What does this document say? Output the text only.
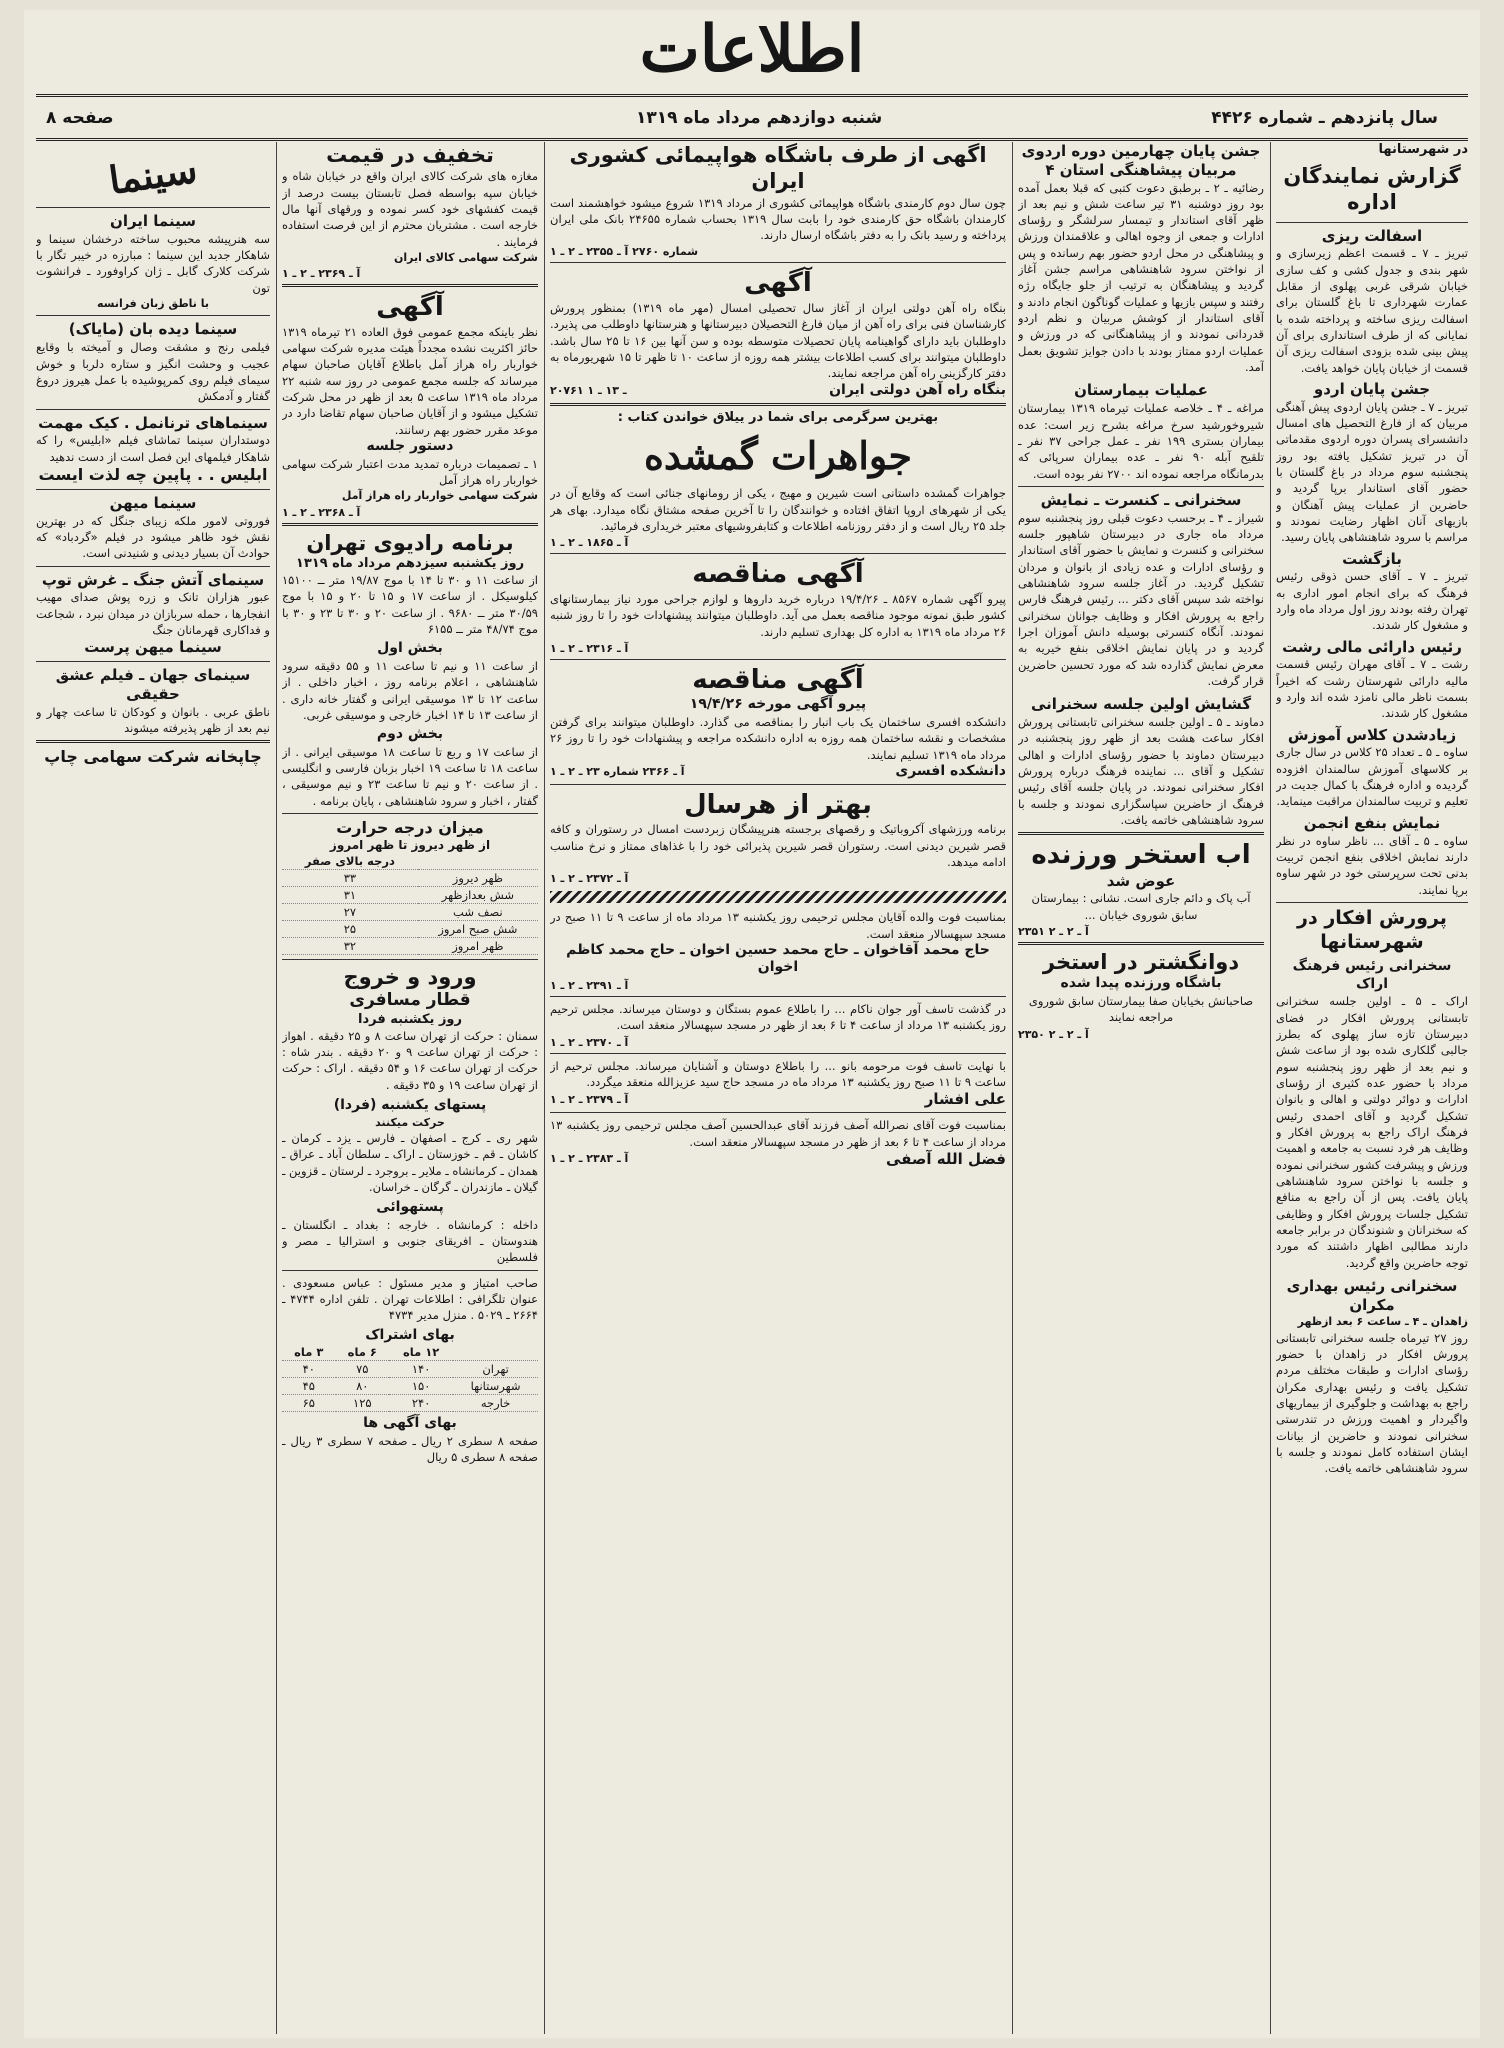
اطلاعات
صفحه ۸	شنبه دوازدهم مرداد ماه ۱۳۱۹	سال پانزدهم ـ شماره ۴۴۲۶
در شهرستانها
گزارش نمایندگان اداره
اسفالت ریزی
تبریز ـ ۷ ـ قسمت اعظم زیرسازی و شهر بندی و جدول کشی و کف سازی خیابان شرقی غربی پهلوی از مقابل عمارت شهرداری تا باغ گلستان برای اسفالت ریزی ساخته و پرداخته شده با نمایانی که از طرف استانداری برای آن پیش بینی شده بزودی اسفالت ریزی آن قسمت از خیابان پایان خواهد یافت.
جشن پایان اردو
تبریز ـ ۷ ـ جشن پایان اردوی پیش آهنگی مربیان که از فارغ التحصیل های امسال دانشسرای پسران دوره اردوی مقدماتی آن در تبریز تشکیل یافته بود روز پنجشنبه سوم مرداد در باغ گلستان با حضور آقای استاندار برپا گردید و حاضرین از عملیات پیش آهنگان و بازیهای آنان اظهار رضایت نمودند و مراسم با سرود شاهنشاهی پایان رسید.
بازگشت
تبریز ـ ۷ ـ آقای حسن ذوقی رئیس فرهنگ که برای انجام امور اداری به تهران رفته بودند روز اول مرداد ماه وارد و مشغول کار شدند.
رئیس دارائی مالی رشت
رشت ـ ۷ ـ آقای مهران رئیس قسمت مالیه دارائی شهرستان رشت که اخیراً بسمت ناظر مالی نامزد شده اند وارد و مشغول کار شدند.
زیادشدن کلاس آموزش
ساوه ـ ۵ ـ تعداد ۲۵ کلاس در سال جاری بر کلاسهای آموزش سالمندان افزوده گردیده و اداره فرهنگ با کمال جدیت در تعلیم و تربیت سالمندان مراقبت مینماید.
نمایش بنفع انجمن
ساوه ـ ۵ ـ آقای ... ناظر ساوه در نظر دارند نمایش اخلاقی بنفع انجمن تربیت بدنی تحت سرپرستی خود در شهر ساوه برپا نمایند.
پرورش افکار در شهرستانها
سخنرانی رئیس فرهنگ اراک
اراک ـ ۵ ـ اولین جلسه سخنرانی تابستانی پرورش افکار در فضای دبیرستان تازه ساز پهلوی که بطرز جالبی گلکاری شده بود از ساعت شش و نیم بعد از ظهر روز پنجشنبه سوم مرداد با حضور عده کثیری از رؤسای ادارات و دوائر دولتی و اهالی و بانوان تشکیل گردید و آقای احمدی رئیس فرهنگ اراک راجع به پرورش افکار و وظایف هر فرد نسبت به جامعه و اهمیت ورزش و پیشرفت کشور سخنرانی نموده و جلسه با نواختن سرود شاهنشاهی پایان یافت. پس از آن راجع به منافع تشکیل جلسات پرورش افکار و وظایفی که سخنرانان و شنوندگان در برابر جامعه دارند مطالبی اظهار داشتند که مورد توجه حاضرین واقع گردید.
سخنرانی رئیس بهداری مکران
زاهدان ـ ۴ ـ ساعت ۶ بعد ازظهر
روز ۲۷ تیرماه جلسه سخنرانی تابستانی پرورش افکار در زاهدان با حضور رؤسای ادارات و طبقات مختلف مردم تشکیل یافت و رئیس بهداری مکران راجع به بهداشت و جلوگیری از بیماریهای واگیردار و اهمیت ورزش در تندرستی سخنرانی نمودند و حاضرین از بیانات ایشان استفاده کامل نمودند و جلسه با سرود شاهنشاهی خاتمه یافت.
جشن پایان چهارمین دوره اردوی مربیان پیشاهنگی استان ۴
رضائیه ـ ۲ ـ برطبق دعوت کتبی که قبلا بعمل آمده بود روز دوشنبه ۳۱ تیر ساعت شش و نیم بعد از ظهر آقای استاندار و تیمسار سرلشگر و رؤسای ادارات و جمعی از وجوه اهالی و علاقمندان ورزش و پیشاهنگی در محل اردو حضور بهم رسانده و پس از نواختن سرود شاهنشاهی مراسم جشن آغاز گردید و پیشاهنگان به ترتیب از جلو جایگاه رژه رفتند و سپس بازیها و عملیات گوناگون انجام دادند و آقای استاندار از کوشش مربیان و نظم اردو قدردانی نمودند و از پیشاهنگانی که در ورزش و عملیات اردو ممتاز بودند با دادن جوایز تشویق بعمل آمد.
عملیات بیمارستان
مراغه ـ ۴ ـ خلاصه عملیات تیرماه ۱۳۱۹ بیمارستان شیروخورشید سرخ مراغه بشرح زیر است: عده بیماران بستری ۱۹۹ نفر ـ عمل جراحی ۳۷ نفر ـ تلقیح آبله ۹۰ نفر ـ عده بیماران سرپائی که بدرمانگاه مراجعه نموده اند ۲۷۰۰ نفر بوده است.
سخنرانی ـ کنسرت ـ نمایش
شیراز ـ ۴ ـ برحسب دعوت قبلی روز پنجشنبه سوم مرداد ماه جاری در دبیرستان شاهپور جلسه سخنرانی و کنسرت و نمایش با حضور آقای استاندار و رؤسای ادارات و عده زیادی از بانوان و مردان تشکیل گردید. در آغاز جلسه سرود شاهنشاهی نواخته شد سپس آقای دکتر ... رئیس فرهنگ فارس راجع به پرورش افکار و وظایف جوانان سخنرانی نمودند. آنگاه کنسرتی بوسیله دانش آموزان اجرا گردید و در پایان نمایش اخلاقی بنفع خیریه به معرض نمایش گذارده شد که مورد تحسین حاضرین قرار گرفت.
گشایش اولین جلسه سخنرانی
دماوند ـ ۵ ـ اولین جلسه سخنرانی تابستانی پرورش افکار ساعت هشت بعد از ظهر روز پنجشنبه در دبیرستان دماوند با حضور رؤسای ادارات و اهالی تشکیل و آقای ... نماینده فرهنگ درباره پرورش افکار سخنرانی نمودند. در پایان جلسه آقای رئیس فرهنگ از حاضرین سپاسگزاری نمودند و جلسه با سرود شاهنشاهی خاتمه یافت.
اب استخر ورزنده
عوض شد
آب پاک و دائم جاری است. نشانی : بیمارستان سابق شوروی خیابان ...
۲۳۵۱ آ ـ ۲ ـ ۲
دوانگشتر در استخر
باشگاه ورزنده پیدا شده
صاحبانش بخیابان صفا بیمارستان سابق شوروی مراجعه نمایند
۲۳۵۰ آ ـ ۲ ـ ۲
اگهی از طرف باشگاه هواپیمائی کشوری ایران
چون سال دوم کارمندی باشگاه هواپیمائی کشوری از مرداد ۱۳۱۹ شروع میشود خواهشمند است کارمندان باشگاه حق کارمندی خود را بابت سال ۱۳۱۹ بحساب شماره ۲۴۶۵۵ بانک ملی ایران پرداخته و رسید بانک را به دفتر باشگاه ارسال دارند.
شماره ۲۷۶۰ آ ـ ۲۳۵۵ ـ ۲ ـ ۱
آگهی
بنگاه راه آهن دولتی ایران از آغاز سال تحصیلی امسال (مهر ماه ۱۳۱۹) بمنظور پرورش کارشناسان فنی برای راه آهن از میان فارغ التحصیلان دبیرستانها و هنرستانها داوطلب می پذیرد. داوطلبان باید دارای گواهینامه پایان تحصیلات متوسطه بوده و سن آنها بین ۱۶ تا ۲۵ سال باشد. داوطلبان میتوانند برای کسب اطلاعات بیشتر همه روزه از ساعت ۱۰ تا ظهر تا ۱۵ شهریورماه به دفتر کارگزینی راه آهن مراجعه نمایند.
بنگاه راه آهن دولتی ایران
۲۰۷۶۱ ـ ۱۳ ـ ۱
بهترین سرگرمی برای شما در ییلاق خواندن کتاب :
جواهرات گمشده
جواهرات گمشده داستانی است شیرین و مهیج ، یکی از رومانهای جنائی است که وقایع آن در یکی از شهرهای اروپا اتفاق افتاده و خوانندگان را تا آخرین صفحه مشتاق نگاه میدارد. بهای هر جلد ۲۵ ریال است و از دفتر روزنامه اطلاعات و کتابفروشیهای معتبر خریداری فرمائید.
آ ـ ۱۸۶۵ ـ ۲ ـ ۱
آگهی مناقصه
پیرو آگهی شماره ۸۵۶۷ ـ ۱۹/۴/۲۶ درباره خرید داروها و لوازم جراحی مورد نیاز بیمارستانهای کشور طبق نمونه موجود مناقصه بعمل می آید. داوطلبان میتوانند پیشنهادات خود را تا روز شنبه ۲۶ مرداد ماه ۱۳۱۹ به اداره کل بهداری تسلیم دارند.
آ ـ ۲۳۱۶ ـ ۲ ـ ۱
آگهی مناقصه
پیرو آگهی مورخه ۱۹/۴/۲۶
دانشکده افسری ساختمان یک باب انبار را بمناقصه می گذارد. داوطلبان میتوانند برای گرفتن مشخصات و نقشه ساختمان همه روزه به اداره دانشکده مراجعه و پیشنهادات خود را تا روز ۲۶ مرداد ماه ۱۳۱۹ تسلیم نمایند.
دانشکده افسری
آ ـ ۲۳۶۶ شماره ۲۳ ـ ۲ ـ ۱
بهتر از هرسال
برنامه ورزشهای آکروباتیک و رقصهای برجسته هنرپیشگان زبردست امسال در رستوران و کافه قصر شیرین دیدنی است. رستوران قصر شیرین پذیرائی خود را با غذاهای ممتاز و نرخ مناسب ادامه میدهد.
آ ـ ۲۳۷۲ ـ ۲ ـ ۱
بمناسبت فوت والده آقایان مجلس ترحیمی روز یکشنبه ۱۳ مرداد ماه از ساعت ۹ تا ۱۱ صبح در مسجد سپهسالار منعقد است.
حاج محمد آقاخوان ـ حاج محمد حسین اخوان ـ حاج محمد کاظم اخوان
آ ـ ۲۳۹۱ ـ ۲ ـ ۱
در گذشت تاسف آور جوان ناکام ... را باطلاع عموم بستگان و دوستان میرساند. مجلس ترحیم روز یکشنبه ۱۳ مرداد از ساعت ۴ تا ۶ بعد از ظهر در مسجد سپهسالار منعقد است.
آ ـ ۲۳۷۰ ـ ۲ ـ ۱
با نهایت تاسف فوت مرحومه بانو ... را باطلاع دوستان و آشنایان میرساند. مجلس ترحیم از ساعت ۹ تا ۱۱ صبح روز یکشنبه ۱۳ مرداد ماه در مسجد حاج سید عزیزالله منعقد میگردد.
علی افشار
آ ـ ۲۳۷۹ ـ ۲ ـ ۱
بمناسبت فوت آقای نصرالله آصف فرزند آقای عبدالحسین آصف مجلس ترحیمی روز یکشنبه ۱۳ مرداد از ساعت ۴ تا ۶ بعد از ظهر در مسجد سپهسالار منعقد است.
فضل الله آصفی
آ ـ ۲۳۸۳ ـ ۲ ـ ۱
تخفیف در قیمت
مغازه های شرکت کالای ایران واقع در خیابان شاه و خیابان سپه بواسطه فصل تابستان بیست درصد از قیمت کفشهای خود کسر نموده و ورقهای آنها مال خارجه است . مشتریان محترم از این فرصت استفاده فرمایند .
شرکت سهامی کالای ایران
آ ـ ۲۳۶۹ ـ ۲ ـ ۱
آگهی
نظر باینکه مجمع عمومی فوق العاده ۲۱ تیرماه ۱۳۱۹ حائز اکثریت نشده مجدداً هیئت مدیره شرکت سهامی خواربار راه هراز آمل باطلاع آقایان صاحبان سهام میرساند که جلسه مجمع عمومی در روز سه شنبه ۲۲ مرداد ماه ۱۳۱۹ ساعت ۵ بعد از ظهر در محل شرکت تشکیل میشود و از آقایان صاحبان سهام تقاضا دارد در موعد مقرر حضور بهم رسانند.
دستور جلسه
۱ ـ تصمیمات درباره تمدید مدت اعتبار شرکت سهامی خواربار راه هراز آمل
شرکت سهامی خواربار راه هراز آمل
آ ـ ۲۳۶۸ ـ ۲ ـ ۱
برنامه رادیوی تهران
روز یکشنبه سیزدهم مرداد ماه ۱۳۱۹
از ساعت ۱۱ و ۳۰ تا ۱۴ با موج ۱۹/۸۷ متر ــ ۱۵۱۰۰ کیلوسیکل . از ساعت ۱۷ و ۱۵ تا ۲۰ و ۱۵ با موج ۳۰/۵۹ متر ــ ۹۶۸۰ . از ساعت ۲۰ و ۳۰ تا ۲۳ و ۳۰ با موج ۴۸/۷۴ متر ــ ۶۱۵۵
بخش اول
از ساعت ۱۱ و نیم تا ساعت ۱۱ و ۵۵ دقیقه سرود شاهنشاهی ، اعلام برنامه روز ، اخبار داخلی . از ساعت ۱۲ تا ۱۳ موسیقی ایرانی و گفتار خانه داری . از ساعت ۱۳ تا ۱۴ اخبار خارجی و موسیقی غربی.
بخش دوم
از ساعت ۱۷ و ربع تا ساعت ۱۸ موسیقی ایرانی . از ساعت ۱۸ تا ساعت ۱۹ اخبار بزبان فارسی و انگلیسی . از ساعت ۲۰ و نیم تا ساعت ۲۳ و نیم موسیقی ، گفتار ، اخبار و سرود شاهنشاهی ، پایان برنامه .
میزان درجه حرارت
از ظهر دیروز تا ظهر امروز
	درجه بالای صفر
ظهر دیروز	۳۳
شش بعدازظهر	۳۱
نصف شب	۲۷
شش صبح امروز	۲۵
ظهر امروز	۳۲
ورود و خروج
قطار مسافری
روز یکشنبه فردا
سمنان : حرکت از تهران ساعت ۸ و ۲۵ دقیقه . اهواز : حرکت از تهران ساعت ۹ و ۲۰ دقیقه . بندر شاه : حرکت از تهران ساعت ۱۶ و ۵۴ دقیقه . اراک : حرکت از تهران ساعت ۱۹ و ۳۵ دقیقه .
پستهای یکشنبه (فردا)
حرکت میکنند
شهر ری ـ کرج ـ اصفهان ـ فارس ـ یزد ـ کرمان ـ کاشان ـ قم ـ خوزستان ـ اراک ـ سلطان آباد ـ عراق ـ همدان ـ کرمانشاه ـ ملایر ـ بروجرد ـ لرستان ـ قزوین ـ گیلان ـ مازندران ـ گرگان ـ خراسان.
پستهوائی
داخله : کرمانشاه . خارجه : بغداد ـ انگلستان ـ هندوستان ـ افریقای جنوبی و استرالیا ـ مصر و فلسطین
صاحب امتیاز و مدیر مسئول : عباس مسعودی . عنوان تلگرافی : اطلاعات تهران . تلفن اداره ۴۷۴۴ ـ ۲۶۶۴ ـ ۵۰۲۹ . منزل مدیر ۴۷۳۴
بهای اشتراک
	۱۲ ماه	۶ ماه	۳ ماه
تهران	۱۴۰	۷۵	۴۰
شهرستانها	۱۵۰	۸۰	۴۵
خارجه	۲۴۰	۱۲۵	۶۵
بهای آگهی ها
صفحه ۸ سطری ۲ ریال ـ صفحه ۷ سطری ۳ ریال ـ صفحه ۸ سطری ۵ ریال
سینما
سینما ایران
سه هنرپیشه محبوب ساخته درخشان سینما و شاهکار جدید این سینما : مبارزه در خیبر تگار با شرکت کلارک گابل ـ ژان کراوفورد ـ فرانشوت تون
با ناطق زبان فرانسه
سینما دیده بان (مایاک)
فیلمی رنج و مشقت وصال و آمیخته با وقایع عجیب و وحشت انگیز و ستاره دلربا و خوش سیمای فیلم روی کمرپوشیده با عمل هیروز دروغ گفتار و آدمکش
سینماهای ترنانمل . کیک مهمت
دوستداران سینما تماشای فیلم «ابلیس» را که شاهکار فیلمهای این فصل است از دست ندهید
ابلیس . . پاپین چه لذت ایست
سینما میهن
فوروتی لامور ملکه زیبای جنگل که در بهترین نقش خود ظاهر میشود در فیلم «گردباد» که حوادث آن بسیار دیدنی و شنیدنی است.
سینمای آتش جنگ ـ غرش توپ
عبور هزاران تانک و زره پوش صدای مهیب انفجارها ، حمله سربازان در میدان نبرد ، شجاعت و فداکاری قهرمانان جنگ
سینما میهن پرست
سینمای جهان ـ فیلم عشق حقیقی
ناطق عربی . بانوان و کودکان تا ساعت چهار و نیم بعد از ظهر پذیرفته میشوند
چاپخانه شرکت سهامی چاپ
